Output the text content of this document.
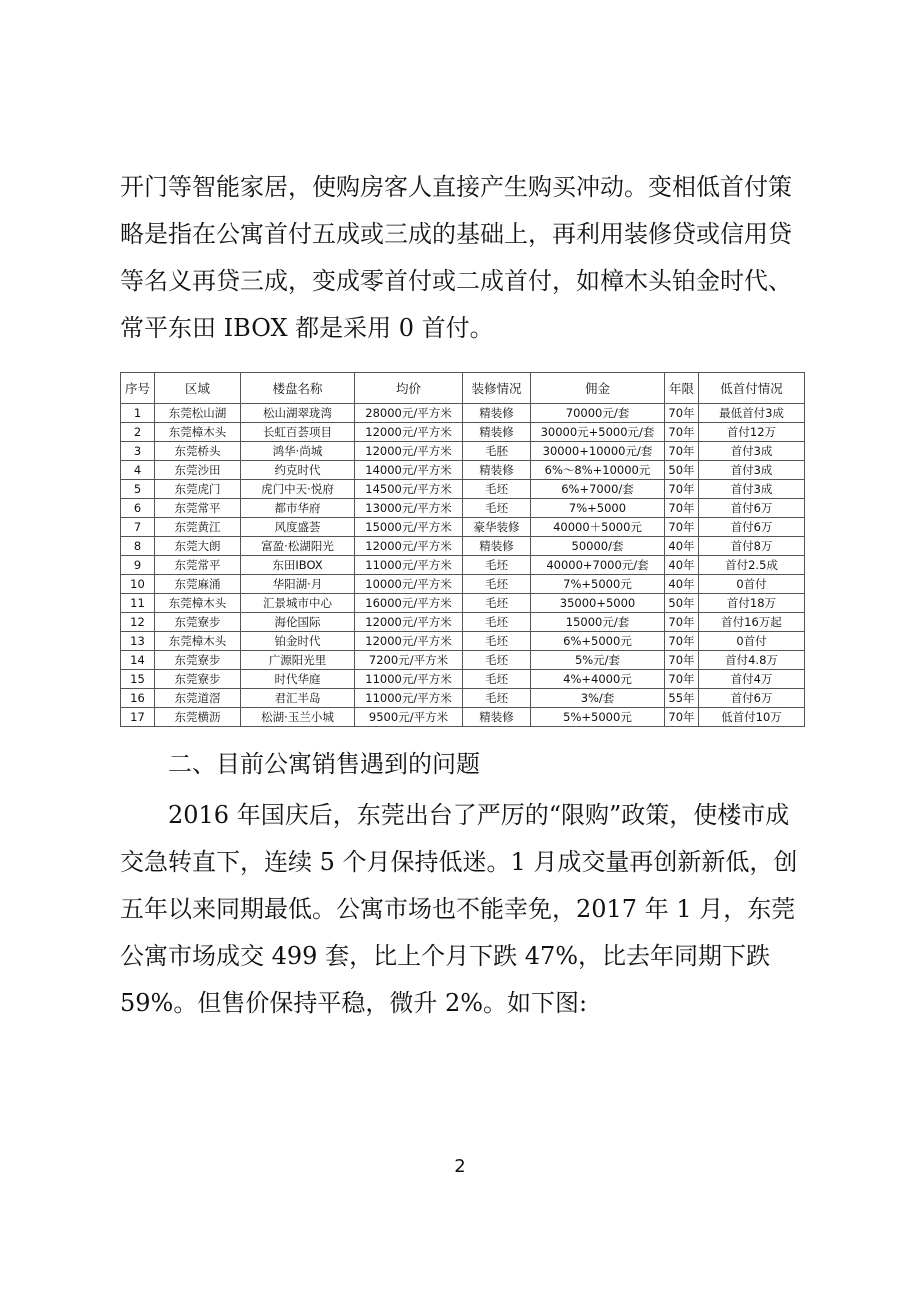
开门等智能家居，使购房客人直接产生购买冲动。变相低首付策

略是指在公寓首付五成或三成的基础上，再利用装修贷或信用贷

等名义再贷三成，变成零首付或二成首付，如樟木头铂金时代、

常平东田 IBOX 都是采用 0 首付。

序号	区域	楼盘名称	均价	装修情况	佣金	年限	低首付情况
1	东莞松山湖	松山湖翠珑湾	28000元/平方米	精装修	70000元/套	70年	最低首付3成
2	东莞樟木头	长虹百荟项目	12000元/平方米	精装修	30000元+5000元/套	70年	首付12万
3	东莞桥头	鸿华·尚城	12000元/平方米	毛胚	30000+10000元/套	70年	首付3成
4	东莞沙田	约克时代	14000元/平方米	精装修	6%～8%+10000元	50年	首付3成
5	东莞虎门	虎门中天·悦府	14500元/平方米	毛坯	6%+7000/套	70年	首付3成
6	东莞常平	都市华府	13000元/平方米	毛坯	7%+5000	70年	首付6万
7	东莞黄江	风度盛荟	15000元/平方米	豪华装修	40000＋5000元	70年	首付6万
8	东莞大朗	富盈·松湖阳光	12000元/平方米	精装修	50000/套	40年	首付8万
9	东莞常平	东田IBOX	11000元/平方米	毛坯	40000+7000元/套	40年	首付2.5成
10	东莞麻涌	华阳湖·月	10000元/平方米	毛坯	7%+5000元	40年	0首付
11	东莞樟木头	汇景城市中心	16000元/平方米	毛坯	35000+5000	50年	首付18万
12	东莞寮步	海伦国际	12000元/平方米	毛坯	15000元/套	70年	首付16万起
13	东莞樟木头	铂金时代	12000元/平方米	毛坯	6%+5000元	70年	0首付
14	东莞寮步	广源阳光里	7200元/平方米	毛坯	5%元/套	70年	首付4.8万
15	东莞寮步	时代华庭	11000元/平方米	毛坯	4%+4000元	70年	首付4万
16	东莞道滘	君汇半岛	11000元/平方米	毛坯	3%/套	55年	首付6万
17	东莞横沥	松湖·玉兰小城	9500元/平方米	精装修	5%+5000元	70年	低首付10万
二、目前公寓销售遇到的问题

2016 年国庆后，东莞出台了严厉的“限购”政策，使楼市成

交急转直下，连续 5 个月保持低迷。1 月成交量再创新新低，创

五年以来同期最低。公寓市场也不能幸免，2017 年 1 月，东莞

公寓市场成交 499 套，比上个月下跌 47%，比去年同期下跌

59%。但售价保持平稳，微升 2%。如下图:

2
